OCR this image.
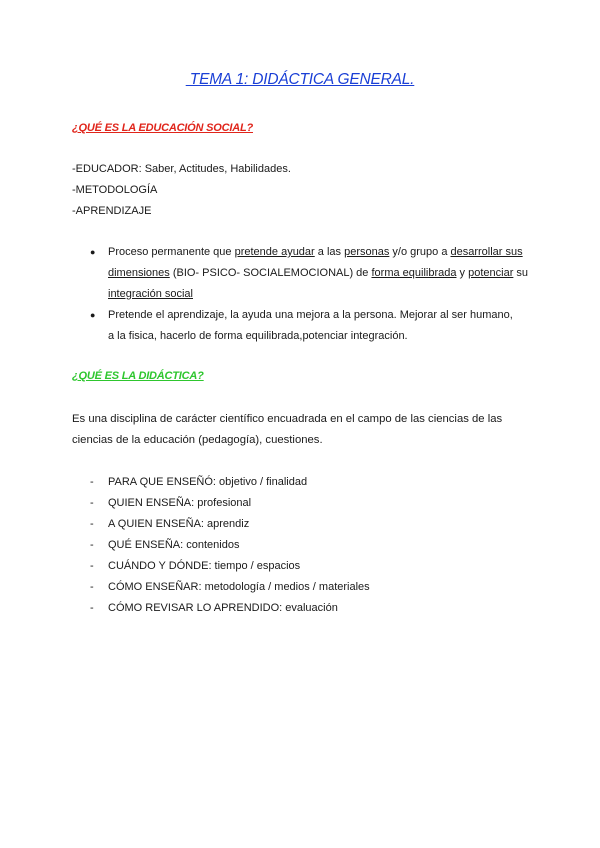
TEMA 1: DIDÁCTICA GENERAL.
¿QUÉ ES LA EDUCACIÓN SOCIAL?
-EDUCADOR: Saber, Actitudes, Habilidades.
-METODOLOGÍA
-APRENDIZAJE
● Proceso permanente que pretende ayudar a las personas y/o grupo a desarrollar sus dimensiones (BIO- PSICO- SOCIALEMOCIONAL) de forma equilibrada y potenciar su integración social
● Pretende el aprendizaje, la ayuda una mejora a la persona. Mejorar al ser humano, a la fisica, hacerlo de forma equilibrada,potenciar integración.
¿QUÉ ES LA DIDÁCTICA?
Es una disciplina de carácter científico encuadrada en el campo de las ciencias de las ciencias de la educación (pedagogía), cuestiones.
- PARA QUE ENSEÑÓ: objetivo / finalidad
- QUIEN ENSEÑA: profesional
- A QUIEN ENSEÑA: aprendiz
- QUÉ ENSEÑA: contenidos
- CUÁNDO Y DÓNDE: tiempo / espacios
- CÓMO ENSEÑAR: metodología / medios / materiales
- CÓMO REVISAR LO APRENDIDO: evaluación
